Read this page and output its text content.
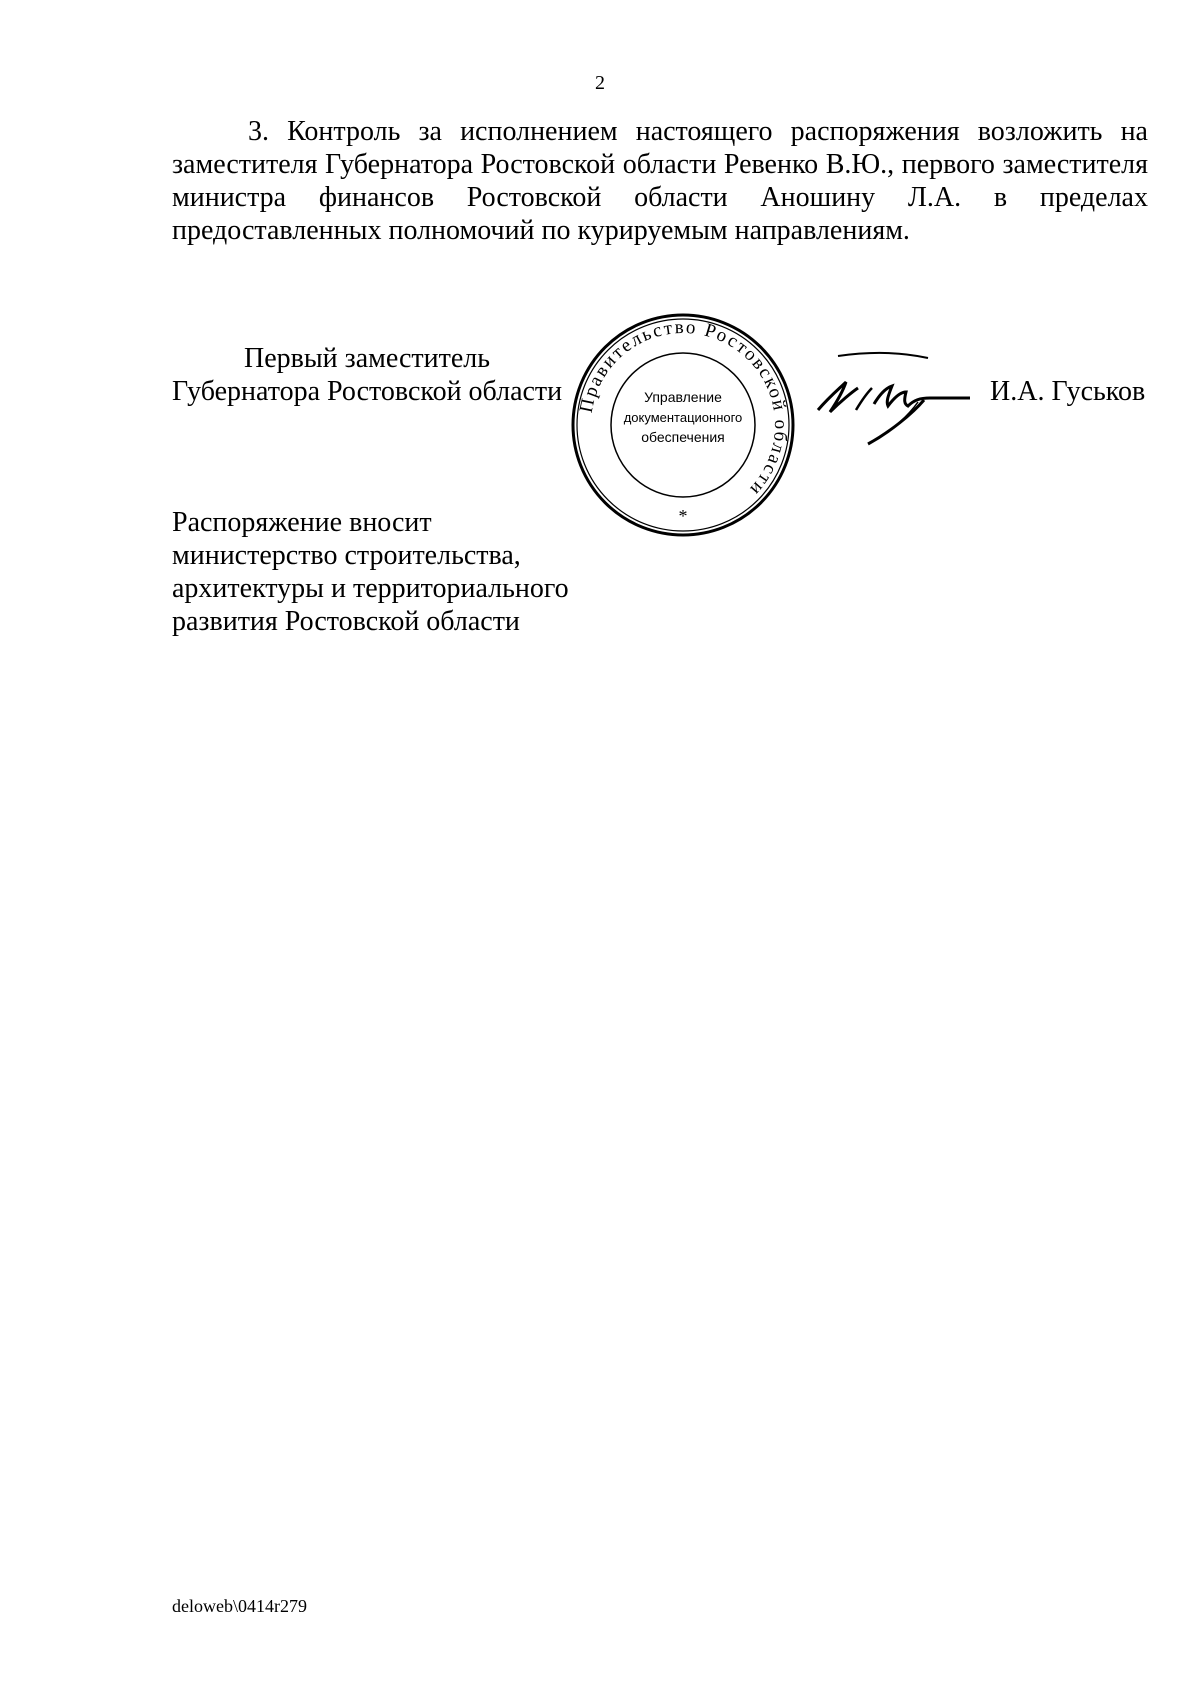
2

3. Контроль за исполнением настоящего распоряжения возложить на заместителя Губернатора Ростовской области Ревенко В.Ю., первого заместителя министра финансов Ростовской области Аношину Л.А. в пределах предоставленных полномочий по курируемым направлениям.

Первый заместитель
Губернатора Ростовской области Правительство Ростовской области
Управление
документационного
обеспечения
*
И.А. Гуськов
Распоряжение вносит
министерство строительства,
архитектуры и территориального
развития Ростовской области
deloweb\0414r279
